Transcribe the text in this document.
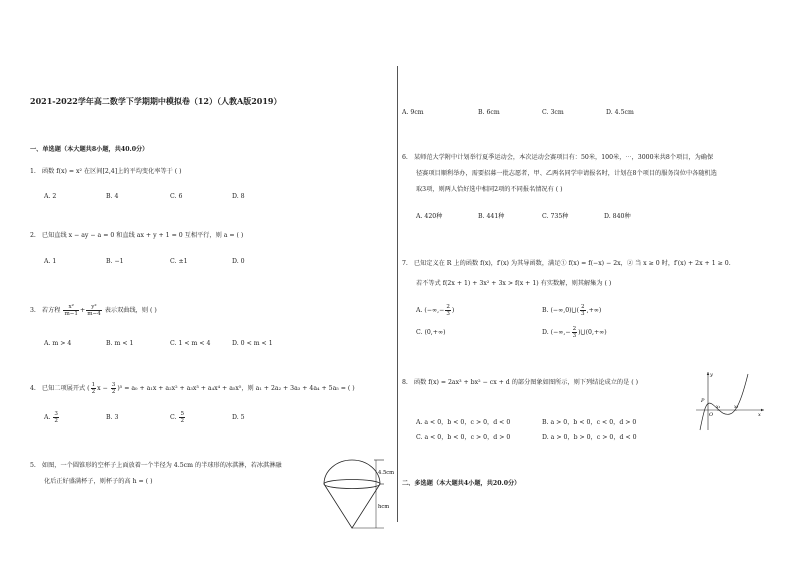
2021-2022学年高二数学下学期期中模拟卷（12）（人教A版2019）
一、单选题（本大题共8小题，共40.0分）
1. 函数 f(x) = x² 在区间[2,4]上的平均变化率等于 ( )
A. 2	B. 4	C. 6	D. 8
2. 已知直线 x − ay − a = 0 和直线 ax + y + 1 = 0 互相平行，则 a = ( )
A. 1	B. −1	C. ±1	D. 0
3. 若方程 $\frac{\text{x²}}{m-1} + \frac{\text{y²}}{m-4}$ 表示双曲线，则 ( )
A. m > 4	B. m < 1	C. 1 < m < 4	D. 0 < m < 1
4. 已知二项展开式 ( $\frac{1}{2}$ $x - \frac{3}{2} )^5 = a_0 + a_1x + a_2x^2 + a_3x^3 + a_4x^4 + a_5x^5$，则 a₁ + 2a₂ + 3a₃ + 4a₄ + 5a₅ = ( )
A. $\frac{3}{2}$	B. 3	C. $\frac{5}{2}$	D. 5
5. 如图，一个圆锥形的空杯子上面放着一个半径为 4.5cm 的半球形的冰淇淋，若冰淇淋融
化后正好盛满杯子，则杯子的高 h = ( )
4.5cm
hcm
A. 9cm	B. 6cm	C. 3cm	D. 4.5cm
6. 某师范大学附中计划举行夏季运动会，本次运动会赛项目有：50米，100米，⋯，3000米共8个项目，为确保
径赛项目顺利举办，需要招募一批志愿者，甲、乙两名同学申请报名时，计划在8个项目的服务岗位中各随机选
取3项，则两人恰好选中相同2项的不同报名情况有 ( )
A. 420种	B. 441种	C. 735种	D. 840种
7. 已知定义在 R 上的函数 f(x)，f′(x) 为其导函数，满足① f(x) = f(−x) − 2x，② 当 x ≥ 0 时，f′(x) + 2x + 1 ≥ 0.
若不等式 f(2x + 1) + 3x² + 3x > f(x + 1) 有实数解，则其解集为 ( )
A. (−∞,− $\frac{2}{3}$ )	B. (−∞,0)⋃( $\frac{2}{3}$ ,+∞)
C. (0,+∞)	D. (−∞,− $\frac{2}{3}$ )⋃(0,+∞)
8. 函数 f(x) = 2ax³ + bx² − cx + d 的部分图象如图所示，则下列结论成立的是 ( )
A. a < 0，b < 0，c > 0，d < 0	B. a > 0，b < 0，c < 0，d > 0
C. a < 0，b < 0，c > 0，d > 0	D. a > 0，b > 0，c > 0，d < 0
二、多选题（本大题共4小题，共20.0分）
y
P
O
x₁	x₂
x
